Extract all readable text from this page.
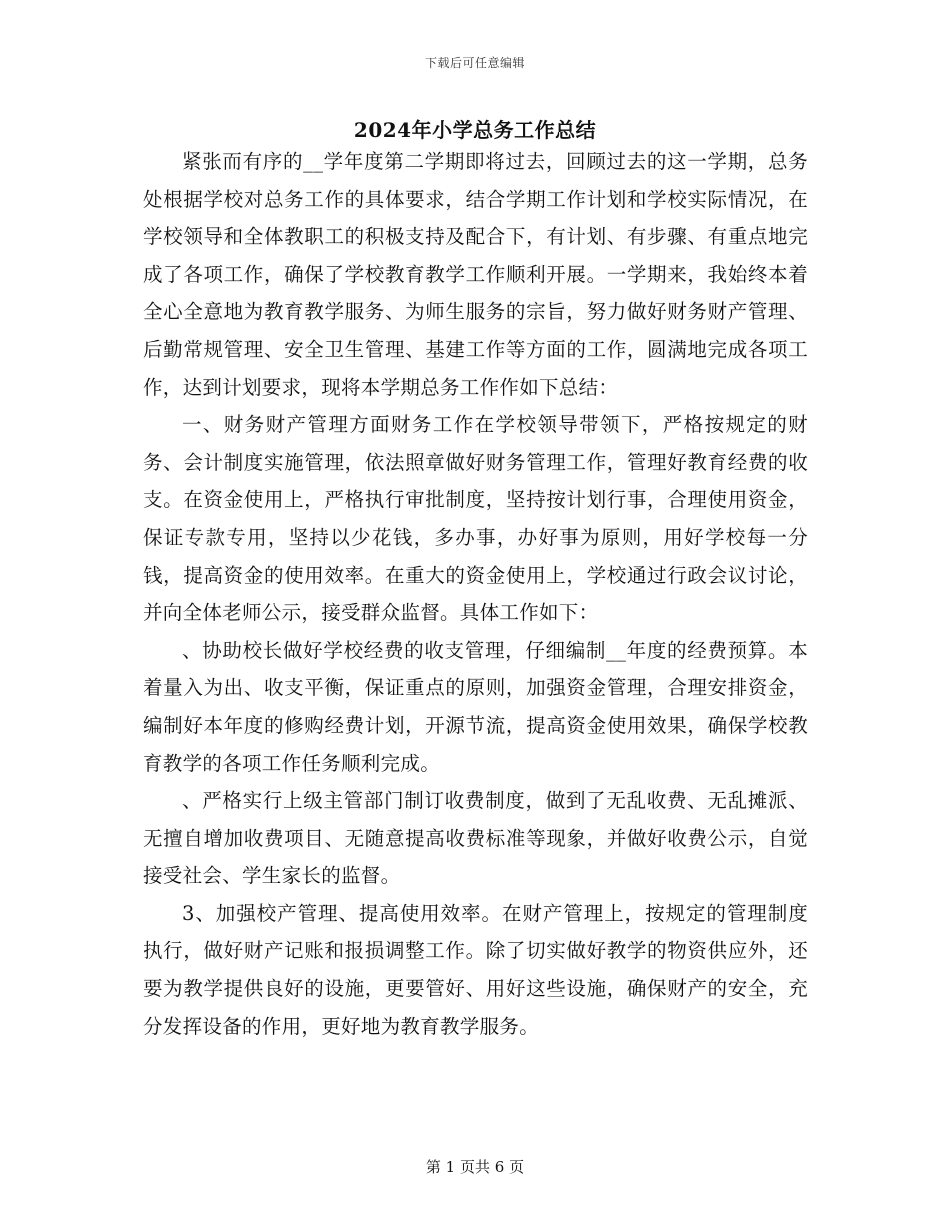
下载后可任意编辑
2024年小学总务工作总结

紧张而有序的__学年度第二学期即将过去，回顾过去的这一学期，总务处根据学校对总务工作的具体要求，结合学期工作计划和学校实际情况，在学校领导和全体教职工的积极支持及配合下，有计划、有步骤、有重点地完成了各项工作，确保了学校教育教学工作顺利开展。一学期来，我始终本着全心全意地为教育教学服务、为师生服务的宗旨，努力做好财务财产管理、后勤常规管理、安全卫生管理、基建工作等方面的工作，圆满地完成各项工作，达到计划要求，现将本学期总务工作作如下总结：

一、财务财产管理方面财务工作在学校领导带领下，严格按规定的财务、会计制度实施管理，依法照章做好财务管理工作，管理好教育经费的收支。在资金使用上，严格执行审批制度，坚持按计划行事，合理使用资金，保证专款专用，坚持以少花钱，多办事，办好事为原则，用好学校每一分钱，提高资金的使用效率。在重大的资金使用上，学校通过行政会议讨论，并向全体老师公示，接受群众监督。具体工作如下：

、协助校长做好学校经费的收支管理，仔细编制__年度的经费预算。本着量入为出、收支平衡，保证重点的原则，加强资金管理，合理安排资金，编制好本年度的修购经费计划，开源节流，提高资金使用效果，确保学校教育教学的各项工作任务顺利完成。

、严格实行上级主管部门制订收费制度，做到了无乱收费、无乱摊派、无擅自增加收费项目、无随意提高收费标准等现象，并做好收费公示，自觉接受社会、学生家长的监督。

3、加强校产管理、提高使用效率。在财产管理上，按规定的管理制度执行，做好财产记账和报损调整工作。除了切实做好教学的物资供应外，还要为教学提供良好的设施，更要管好、用好这些设施，确保财产的安全，充分发挥设备的作用，更好地为教育教学服务。

第 1 页共 6 页
